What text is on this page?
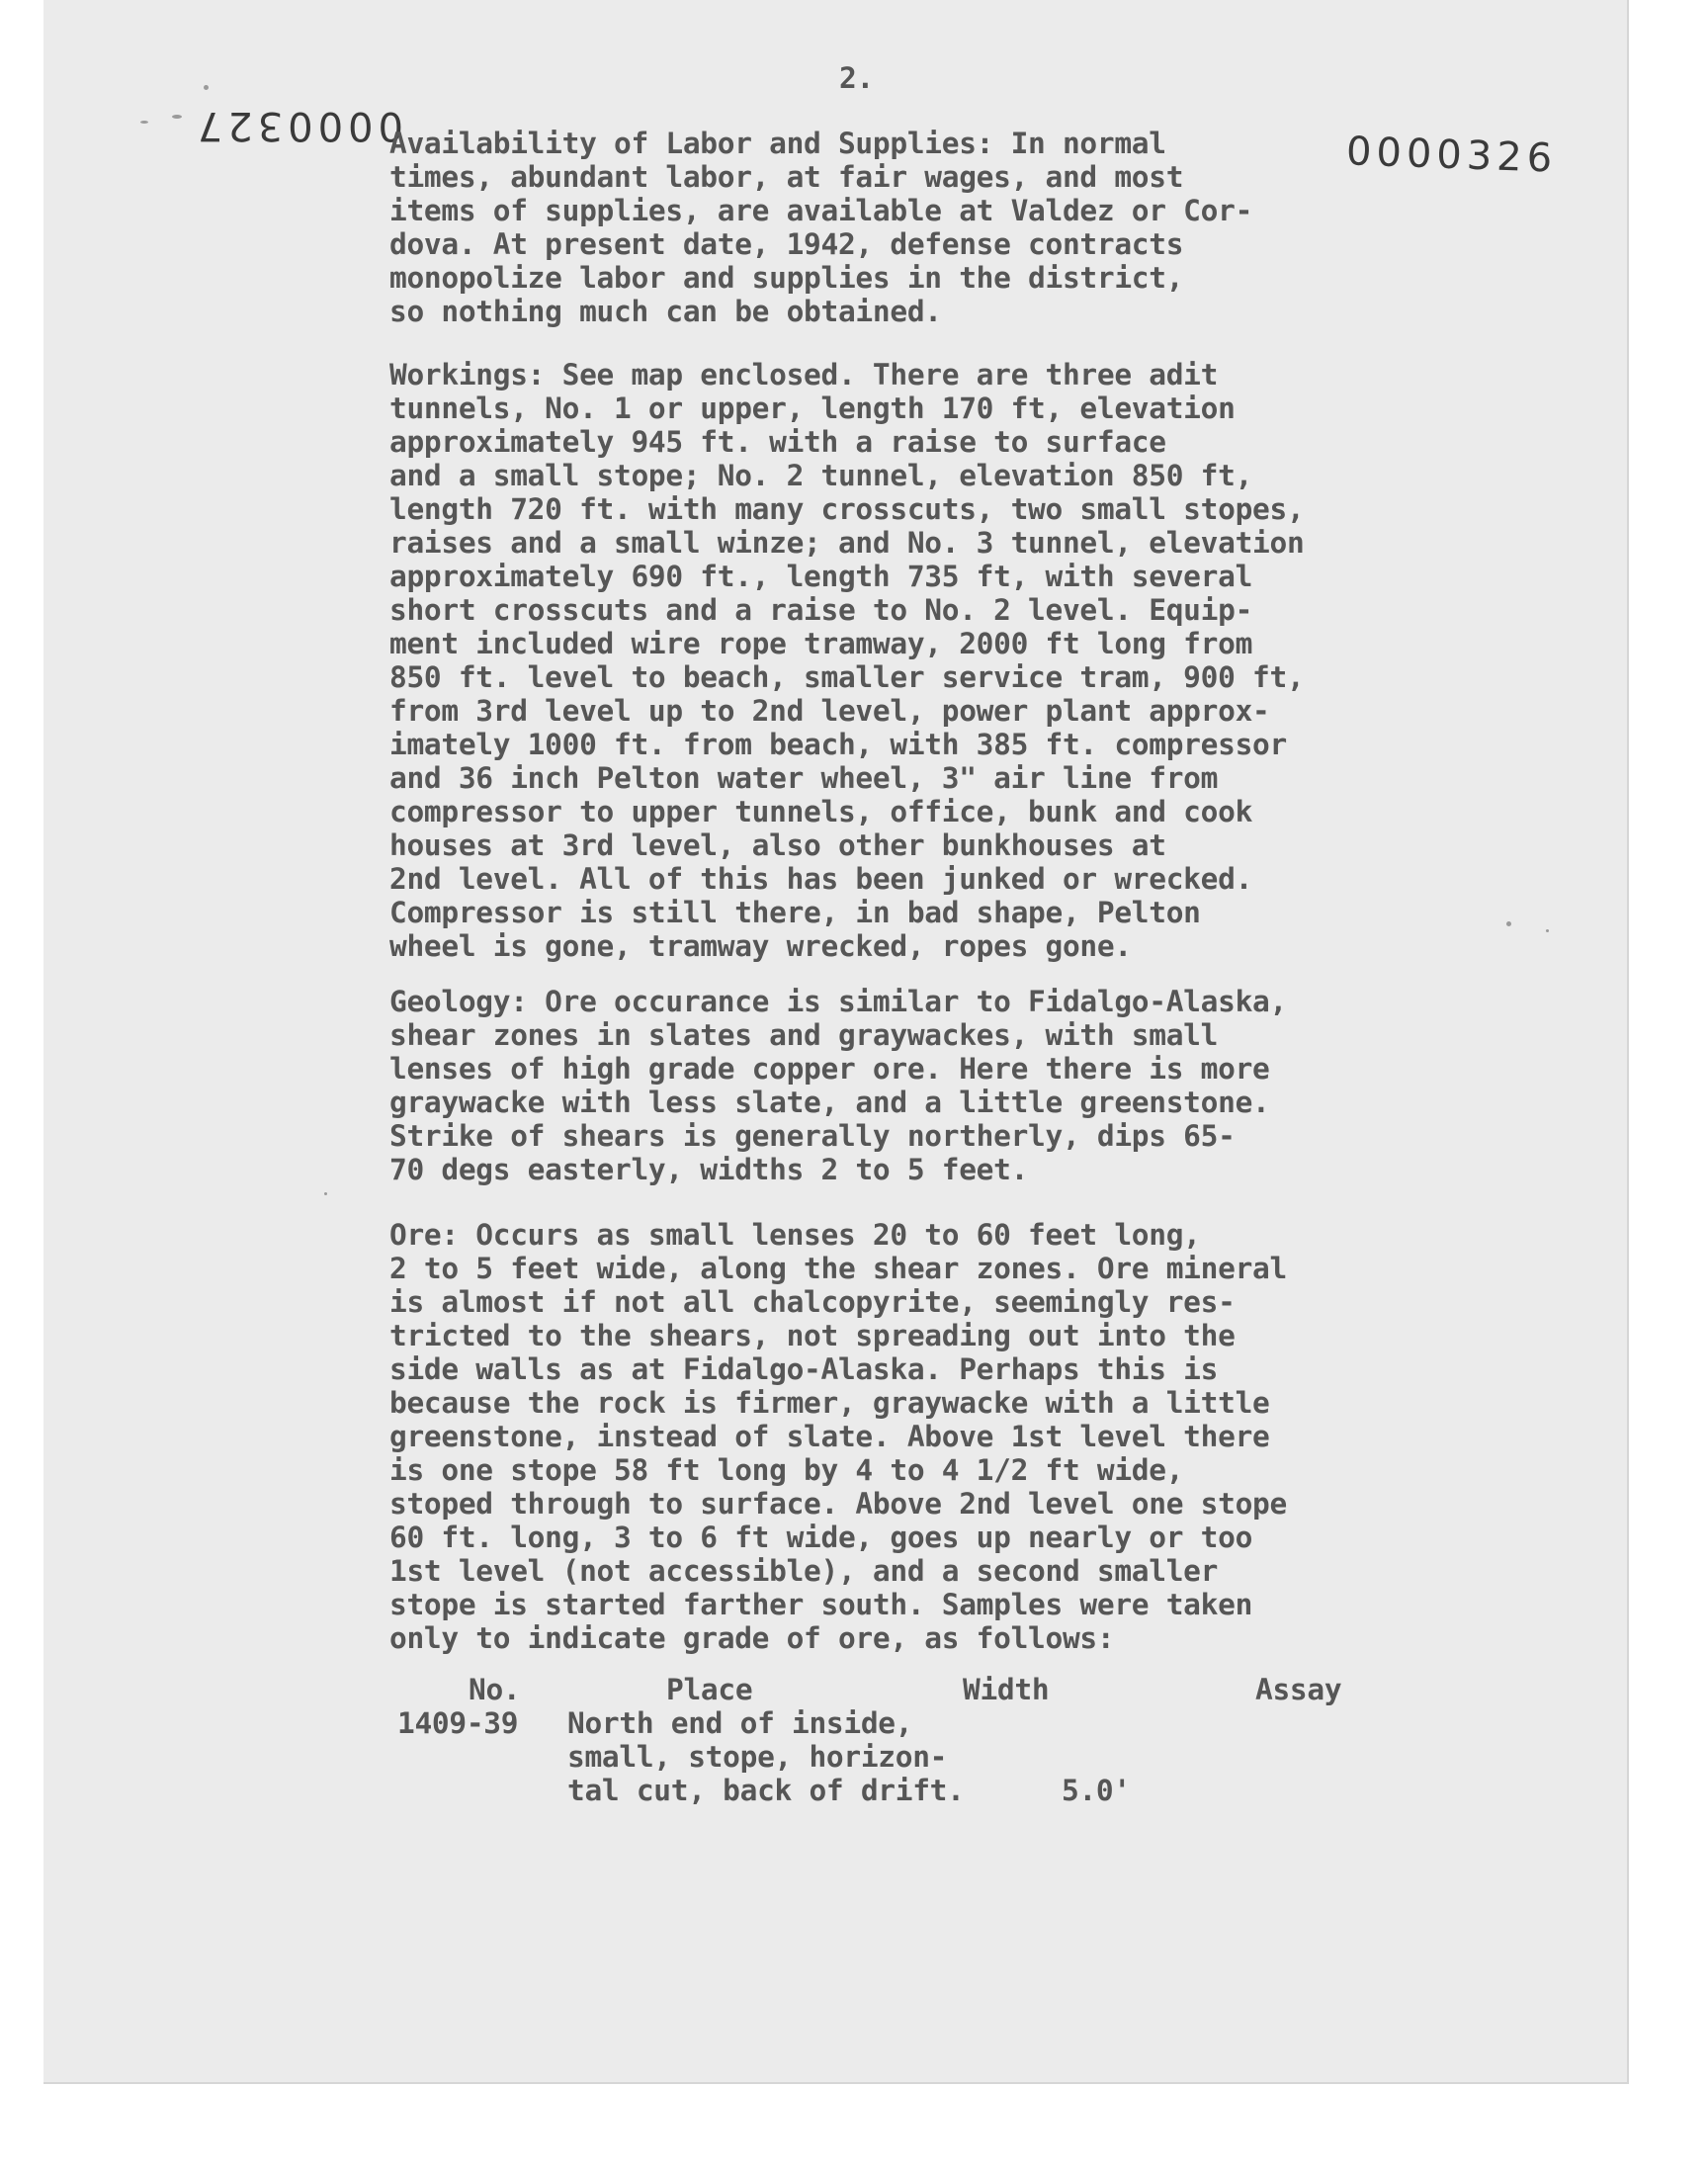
2.

0000327
0000326

Availability of Labor and Supplies: In normal
times, abundant labor, at fair wages, and most
items of supplies, are available at Valdez or Cor-
dova. At present date, 1942, defense contracts
monopolize labor and supplies in the district,
so nothing much can be obtained.

Workings: See map enclosed. There are three adit
tunnels, No. 1 or upper, length 170 ft, elevation
approximately 945 ft. with a raise to surface
and a small stope; No. 2 tunnel, elevation 850 ft,
length 720 ft. with many crosscuts, two small stopes,
raises and a small winze; and No. 3 tunnel, elevation
approximately 690 ft., length 735 ft, with several
short crosscuts and a raise to No. 2 level. Equip-
ment included wire rope tramway, 2000 ft long from
850 ft. level to beach, smaller service tram, 900 ft,
from 3rd level up to 2nd level, power plant approx-
imately 1000 ft. from beach, with 385 ft. compressor
and 36 inch Pelton water wheel, 3" air line from
compressor to upper tunnels, office, bunk and cook
houses at 3rd level, also other bunkhouses at
2nd level. All of this has been junked or wrecked.
Compressor is still there, in bad shape, Pelton
wheel is gone, tramway wrecked, ropes gone.

Geology: Ore occurance is similar to Fidalgo-Alaska,
shear zones in slates and graywackes, with small
lenses of high grade copper ore. Here there is more
graywacke with less slate, and a little greenstone.
Strike of shears is generally northerly, dips 65-
70 degs easterly, widths 2 to 5 feet.

Ore: Occurs as small lenses 20 to 60 feet long,
2 to 5 feet wide, along the shear zones. Ore mineral
is almost if not all chalcopyrite, seemingly res-
tricted to the shears, not spreading out into the
side walls as at Fidalgo-Alaska. Perhaps this is
because the rock is firmer, graywacke with a little
greenstone, instead of slate. Above 1st level there
is one stope 58 ft long by 4 to 4 1/2 ft wide,
stoped through to surface. Above 2nd level one stope
60 ft. long, 3 to 6 ft wide, goes up nearly or too
1st level (not accessible), and a second smaller
stope is started farther south. Samples were taken
only to indicate grade of ore, as follows:

No.	Place	Width	Assay
1409-39 North end of inside,
small, stope, horizon-
tal cut, back of drift.	5.0'
